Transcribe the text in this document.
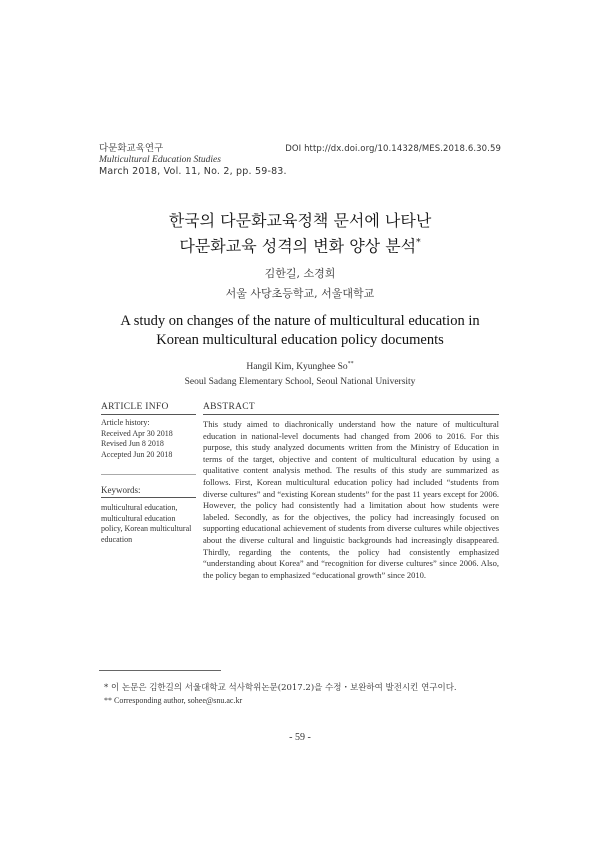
다문화교육연구	DOI http://dx.doi.org/10.14328/MES.2018.6.30.59
Multicultural Education Studies
March 2018, Vol. 11, No. 2, pp. 59-83.
한국의 다문화교육정책 문서에 나타난
다문화교육 성격의 변화 양상 분석*
김한길, 소경희
서울 사당초등학교, 서울대학교
A study on changes of the nature of multicultural education in
Korean multicultural education policy documents
Hangil Kim, Kyunghee So**
Seoul Sadang Elementary School, Seoul National University
ARTICLE INFO
Article history:
Received Apr 30 2018
Revised Jun 8 2018
Accepted Jun 20 2018
Keywords:
multicultural education, multicultural education policy, Korean multicultural education
ABSTRACT
This study aimed to diachronically understand how the nature of multicultural education in national-level documents had changed from 2006 to 2016. For this purpose, this study analyzed documents written from the Ministry of Education in terms of the target, objective and content of multicultural education by using a qualitative content analysis method. The results of this study are summarized as follows. First, Korean multicultural education policy had included “students from diverse cultures” and “existing Korean students” for the past 11 years except for 2006. However, the policy had consistently had a limitation about how students were labeled. Secondly, as for the objectives, the policy had increasingly focused on supporting educational achievement of students from diverse cultures while objectives about the diverse cultural and linguistic backgrounds had increasingly disappeared. Thirdly, regarding the contents, the policy had consistently emphasized “understanding about Korea” and “recognition for diverse cultures” since 2006. Also, the policy began to emphasized “educational growth” since 2010.
* 이 논문은 김한길의 서울대학교 석사학위논문(2017.2)을 수정・보완하여 발전시킨 연구이다.
** Corresponding author, sohee@snu.ac.kr
- 59 -
